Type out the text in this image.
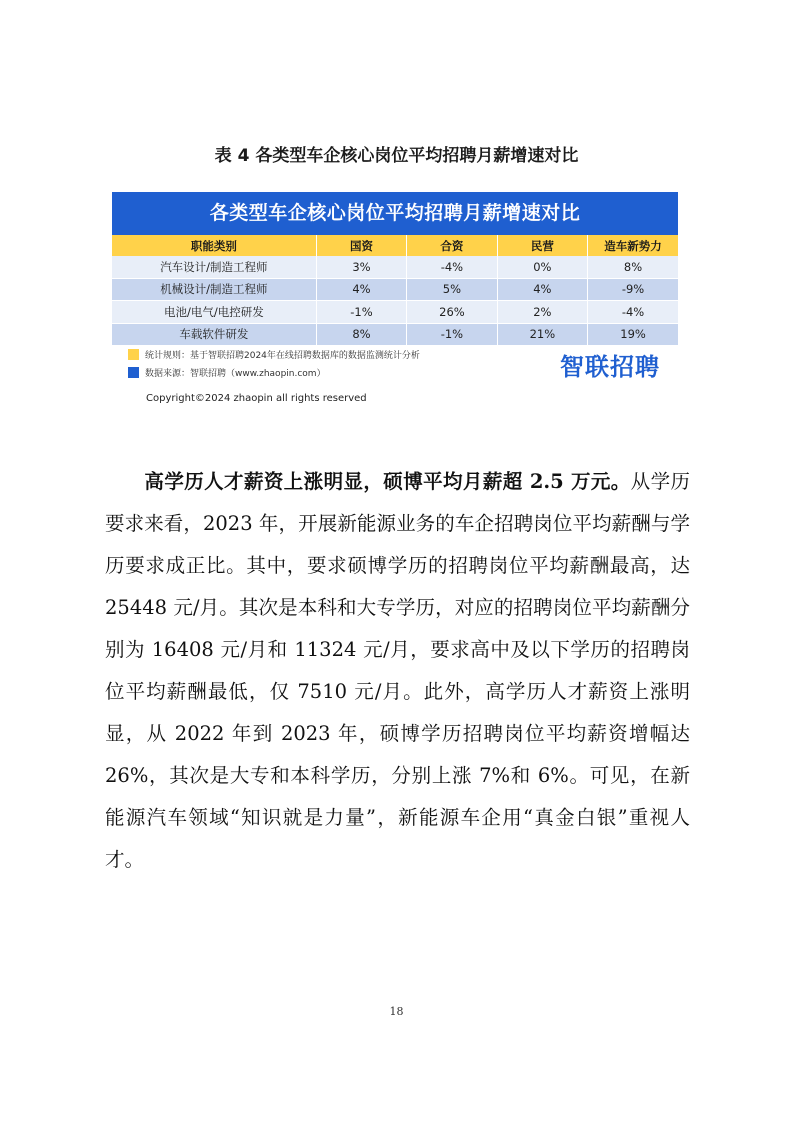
表 4 各类型车企核心岗位平均招聘月薪增速对比
各类型车企核心岗位平均招聘月薪增速对比
职能类别	国资	合资	民营	造车新势力
汽车设计/制造工程师	3%	-4%	0%	8%
机械设计/制造工程师	4%	5%	4%	-9%
电池/电气/电控研发	-1%	26%	2%	-4%
车载软件研发	8%	-1%	21%	19%
统计规则：基于智联招聘2024年在线招聘数据库的数据监测统计分析
数据来源：智联招聘（www.zhaopin.com）	智联招聘
Copyright©2024 zhaopin all rights reserved
高学历人才薪资上涨明显，硕博平均月薪超 2.5 万元。从学历要求来看，2023 年，开展新能源业务的车企招聘岗位平均薪酬与学历要求成正比。其中，要求硕博学历的招聘岗位平均薪酬最高，达 25448 元/月。其次是本科和大专学历，对应的招聘岗位平均薪酬分别为 16408 元/月和 11324 元/月，要求高中及以下学历的招聘岗位平均薪酬最低，仅 7510 元/月。此外，高学历人才薪资上涨明显，从 2022 年到 2023 年，硕博学历招聘岗位平均薪资增幅达 26%，其次是大专和本科学历，分别上涨 7%和 6%。可见，在新能源汽车领域“知识就是力量”，新能源车企用“真金白银”重视人才。
18
